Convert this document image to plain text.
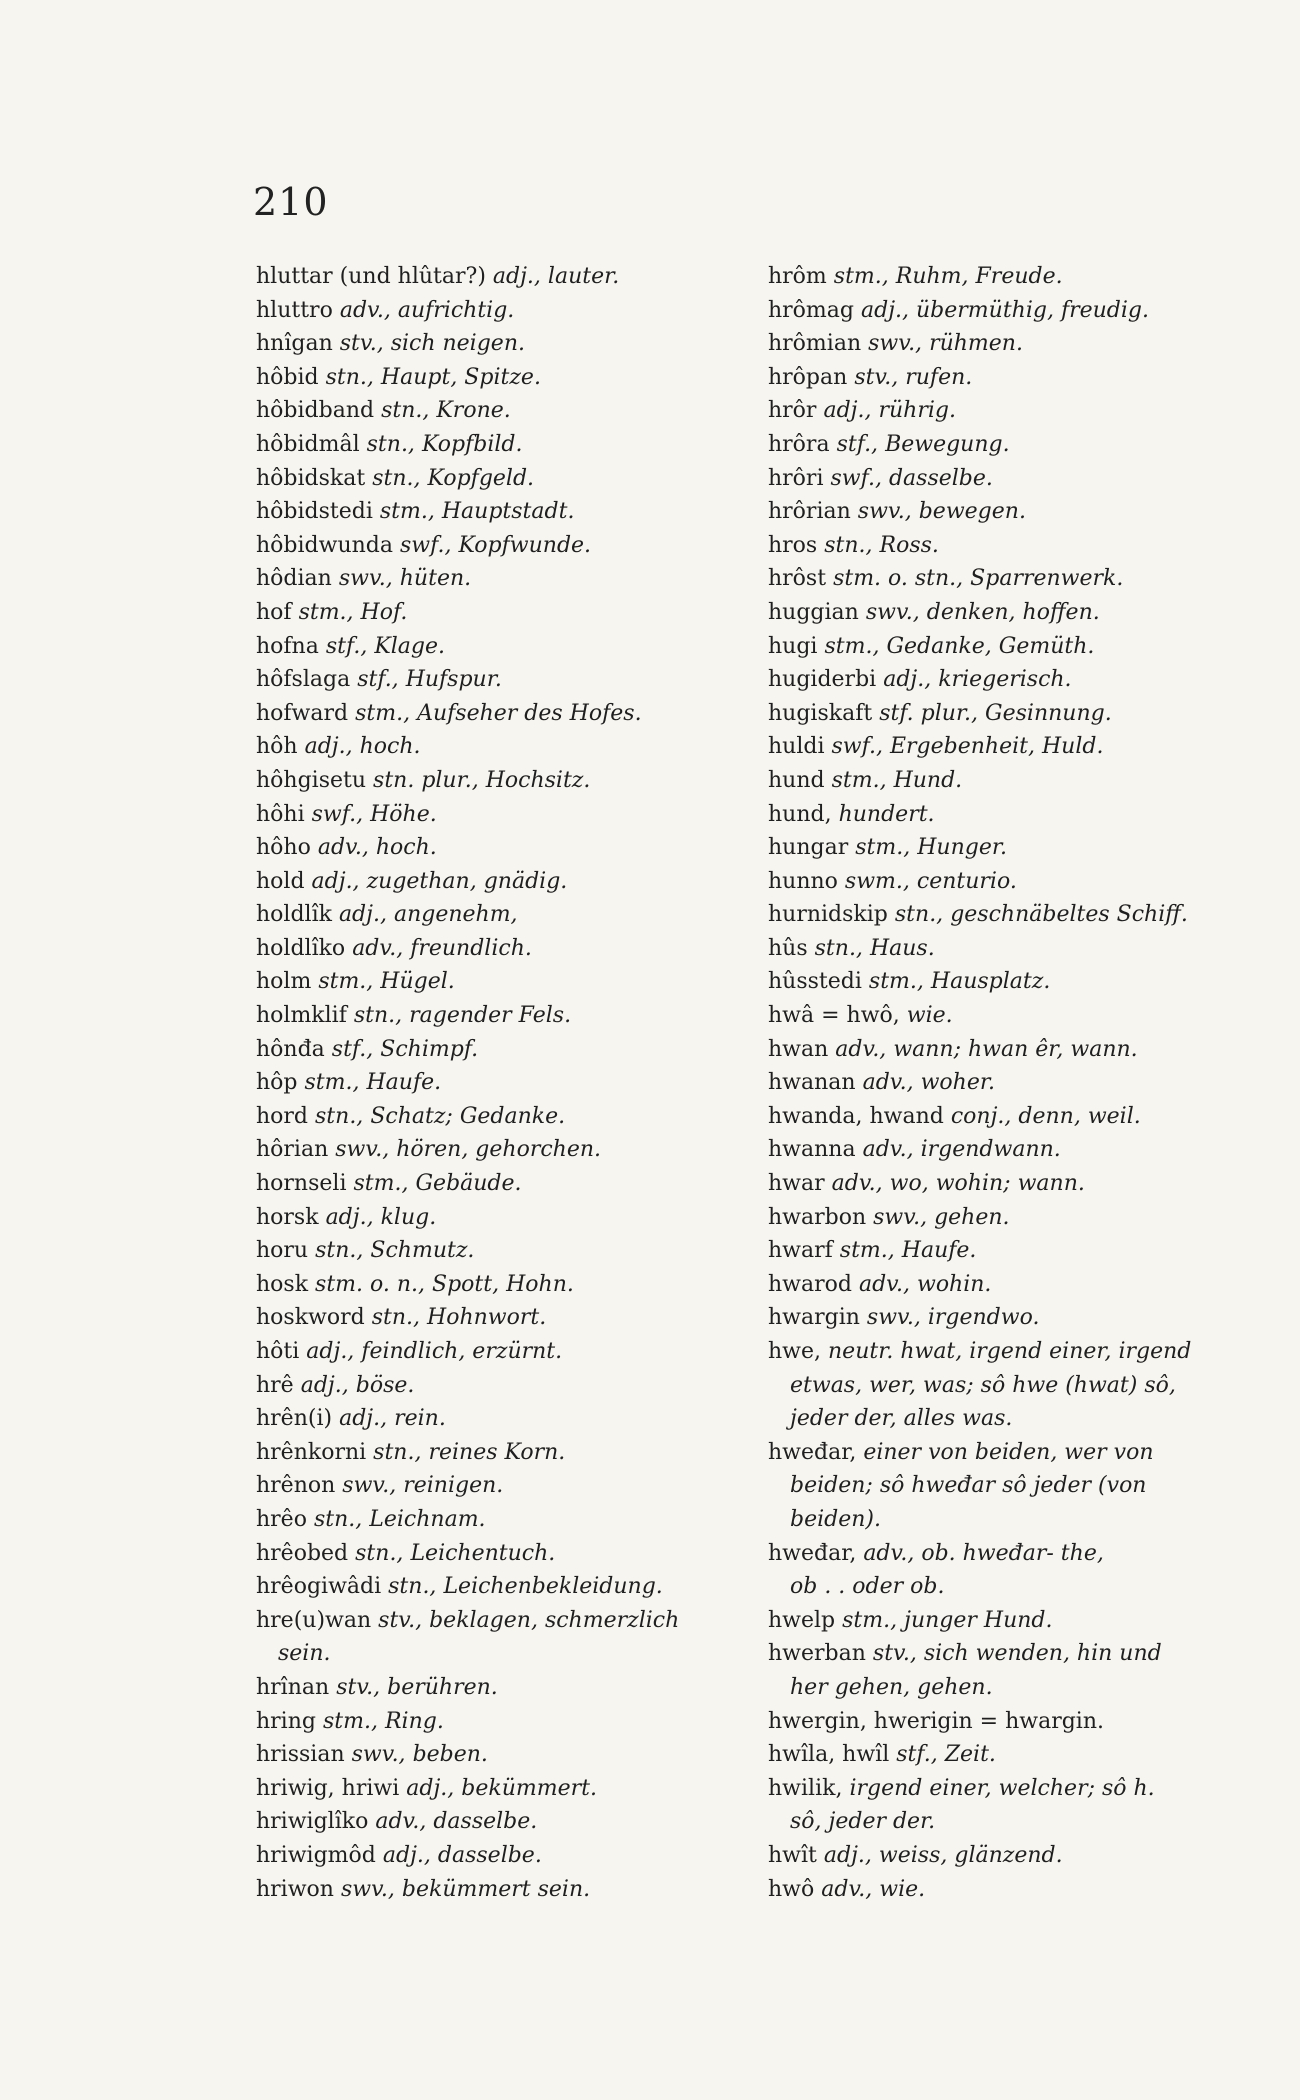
210

hluttar (und hlûtar?) adj., lauter.

hluttro adv., aufrichtig.

hnîgan stv., sich neigen.

hôbid stn., Haupt, Spitze.

hôbidband stn., Krone.

hôbidmâl stn., Kopfbild.

hôbidskat stn., Kopfgeld.

hôbidstedi stm., Hauptstadt.

hôbidwunda swf., Kopfwunde.

hôdian swv., hüten.

hof stm., Hof.

hofna stf., Klage.

hôfslaga stf., Hufspur.

hofward stm., Aufseher des Hofes.

hôh adj., hoch.

hôhgisetu stn. plur., Hochsitz.

hôhi swf., Höhe.

hôho adv., hoch.

hold adj., zugethan, gnädig.

holdlîk adj., angenehm,

holdlîko adv., freundlich.

holm stm., Hügel.

holmklif stn., ragender Fels.

hônđa stf., Schimpf.

hôp stm., Haufe.

hord stn., Schatz; Gedanke.

hôrian swv., hören, gehorchen.

hornseli stm., Gebäude.

horsk adj., klug.

horu stn., Schmutz.

hosk stm. o. n., Spott, Hohn.

hoskword stn., Hohnwort.

hôti adj., feindlich, erzürnt.

hrê adj., böse.

hrên(i) adj., rein.

hrênkorni stn., reines Korn.

hrênon swv., reinigen.

hrêo stn., Leichnam.

hrêobed stn., Leichentuch.

hrêogiwâdi stn., Leichenbekleidung.

hre(u)wan stv., beklagen, schmerzlich
sein.

hrînan stv., berühren.

hring stm., Ring.

hrissian swv., beben.

hriwig, hriwi adj., bekümmert.

hriwiglîko adv., dasselbe.

hriwigmôd adj., dasselbe.

hriwon swv., bekümmert sein.

hrôm stm., Ruhm, Freude.

hrômag adj., übermüthig, freudig.

hrômian swv., rühmen.

hrôpan stv., rufen.

hrôr adj., rührig.

hrôra stf., Bewegung.

hrôri swf., dasselbe.

hrôrian swv., bewegen.

hros stn., Ross.

hrôst stm. o. stn., Sparrenwerk.

huggian swv., denken, hoffen.

hugi stm., Gedanke, Gemüth.

hugiderbi adj., kriegerisch.

hugiskaft stf. plur., Gesinnung.

huldi swf., Ergebenheit, Huld.

hund stm., Hund.

hund, hundert.

hungar stm., Hunger.

hunno swm., centurio.

hurnidskip stn., geschnäbeltes Schiff.

hûs stn., Haus.

hûsstedi stm., Hausplatz.

hwâ = hwô, wie.

hwan adv., wann; hwan êr, wann.

hwanan adv., woher.

hwanda, hwand conj., denn, weil.

hwanna adv., irgendwann.

hwar adv., wo, wohin; wann.

hwarbon swv., gehen.

hwarf stm., Haufe.

hwarod adv., wohin.

hwargin swv., irgendwo.

hwe, neutr. hwat, irgend einer, irgend
etwas, wer, was; sô hwe (hwat) sô,
jeder der, alles was.

hweđar, einer von beiden, wer von
beiden; sô hweđar sô jeder (von
beiden).

hweđar, adv., ob. hweđar- the,
ob . . oder ob.

hwelp stm., junger Hund.

hwerban stv., sich wenden, hin und
her gehen, gehen.

hwergin, hwerigin = hwargin.

hwîla, hwîl stf., Zeit.

hwilik, irgend einer, welcher; sô h.
sô, jeder der.

hwît adj., weiss, glänzend.

hwô adv., wie.
